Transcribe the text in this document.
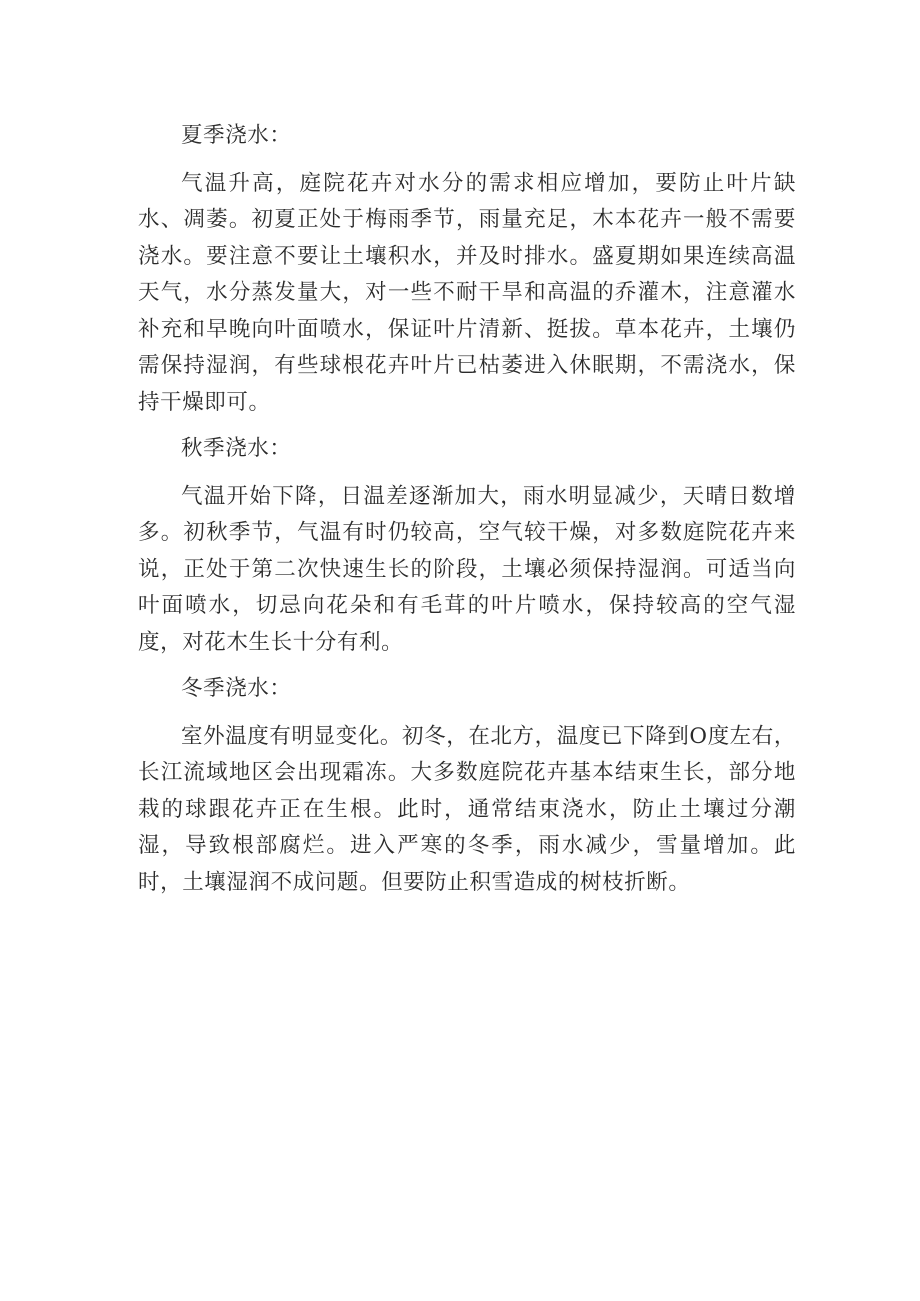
夏季浇水：

气温升高，庭院花卉对水分的需求相应增加，要防止叶片缺水、凋萎。初夏正处于梅雨季节，雨量充足，木本花卉一般不需要浇水。要注意不要让土壤积水，并及时排水。盛夏期如果连续高温天气，水分蒸发量大，对一些不耐干旱和高温的乔灌木，注意灌水补充和早晚向叶面喷水，保证叶片清新、挺拔。草本花卉，土壤仍需保持湿润，有些球根花卉叶片已枯萎进入休眠期，不需浇水，保持干燥即可。

秋季浇水：

气温开始下降，日温差逐渐加大，雨水明显减少，天晴日数增多。初秋季节，气温有时仍较高，空气较干燥，对多数庭院花卉来说，正处于第二次快速生长的阶段，土壤必须保持湿润。可适当向叶面喷水，切忌向花朵和有毛茸的叶片喷水，保持较高的空气湿度，对花木生长十分有利。

冬季浇水：

室外温度有明显变化。初冬，在北方，温度已下降到O度左右，长江流域地区会出现霜冻。大多数庭院花卉基本结束生长，部分地栽的球跟花卉正在生根。此时，通常结束浇水，防止土壤过分潮湿，导致根部腐烂。进入严寒的冬季，雨水减少，雪量增加。此时，土壤湿润不成问题。但要防止积雪造成的树枝折断。
